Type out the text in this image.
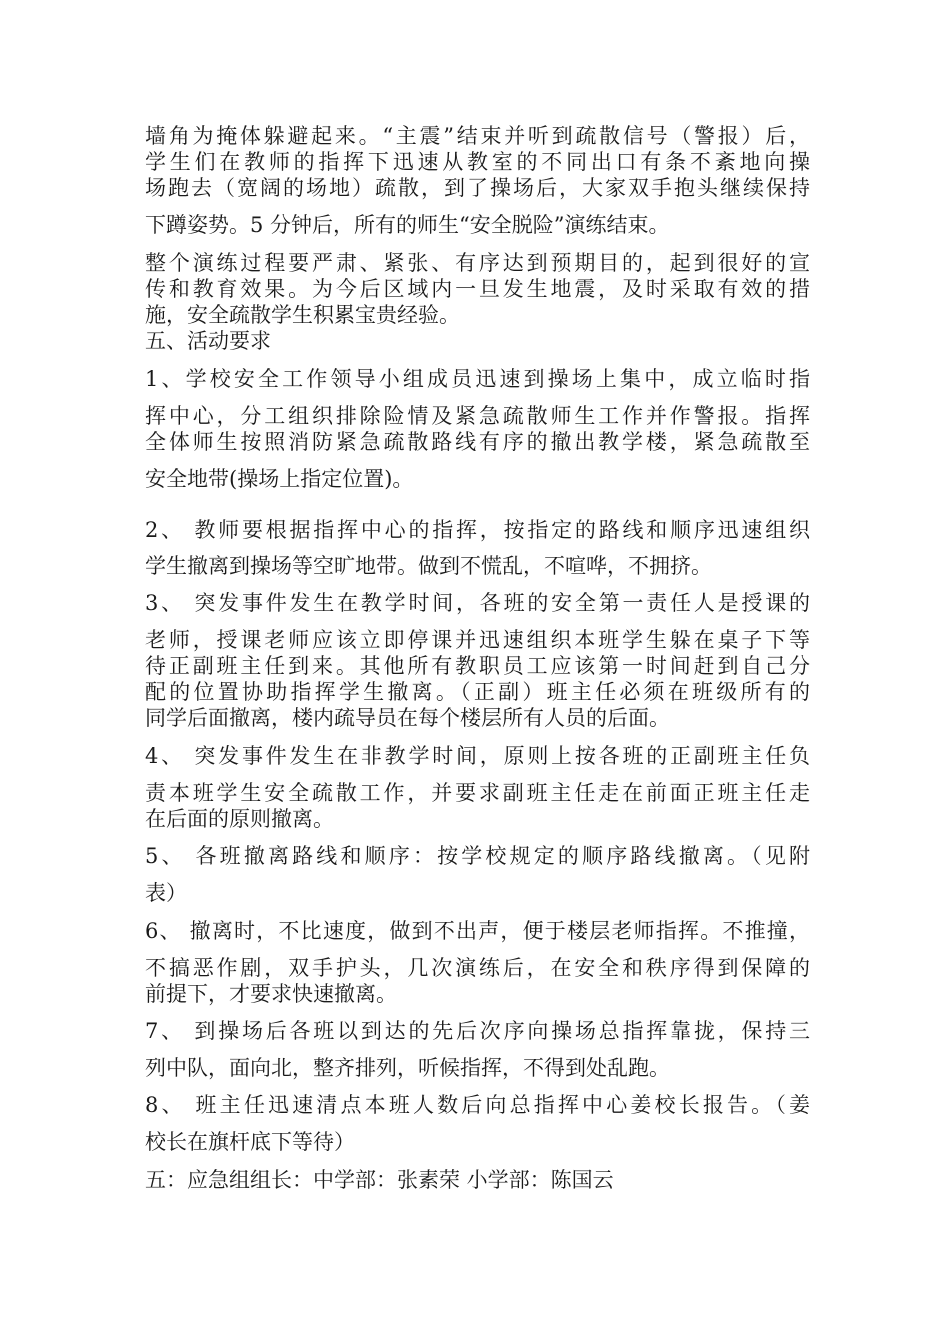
墙角为掩体躲避起来。“主震”结束并听到疏散信号（警报）后，
学生们在教师的指挥下迅速从教室的不同出口有条不紊地向操
场跑去（宽阔的场地）疏散，到了操场后，大家双手抱头继续保持
下蹲姿势。5 分钟后，所有的师生“安全脱险”演练结束。
整个演练过程要严肃、紧张、有序达到预期目的，起到很好的宣
传和教育效果。为今后区域内一旦发生地震，及时采取有效的措
施，安全疏散学生积累宝贵经验。
五、活动要求
1、学校安全工作领导小组成员迅速到操场上集中，成立临时指
挥中心，分工组织排除险情及紧急疏散师生工作并作警报。指挥
全体师生按照消防紧急疏散路线有序的撤出教学楼，紧急疏散至
安全地带(操场上指定位置)。
2、 教师要根据指挥中心的指挥，按指定的路线和顺序迅速组织
学生撤离到操场等空旷地带。做到不慌乱，不喧哗，不拥挤。
3、 突发事件发生在教学时间，各班的安全第一责任人是授课的
老师，授课老师应该立即停课并迅速组织本班学生躲在桌子下等
待正副班主任到来。其他所有教职员工应该第一时间赶到自己分
配的位置协助指挥学生撤离。（正副）班主任必须在班级所有的
同学后面撤离，楼内疏导员在每个楼层所有人员的后面。
4、 突发事件发生在非教学时间，原则上按各班的正副班主任负
责本班学生安全疏散工作，并要求副班主任走在前面正班主任走
在后面的原则撤离。
5、 各班撤离路线和顺序：按学校规定的顺序路线撤离。（见附
表）
6、 撤离时，不比速度，做到不出声，便于楼层老师指挥。不推撞，
不搞恶作剧，双手护头，几次演练后，在安全和秩序得到保障的
前提下，才要求快速撤离。
7、 到操场后各班以到达的先后次序向操场总指挥靠拢，保持三
列中队，面向北，整齐排列，听候指挥，不得到处乱跑。
8、 班主任迅速清点本班人数后向总指挥中心姜校长报告。（姜
校长在旗杆底下等待）
五：应急组组长：中学部：张素荣 小学部：陈国云
